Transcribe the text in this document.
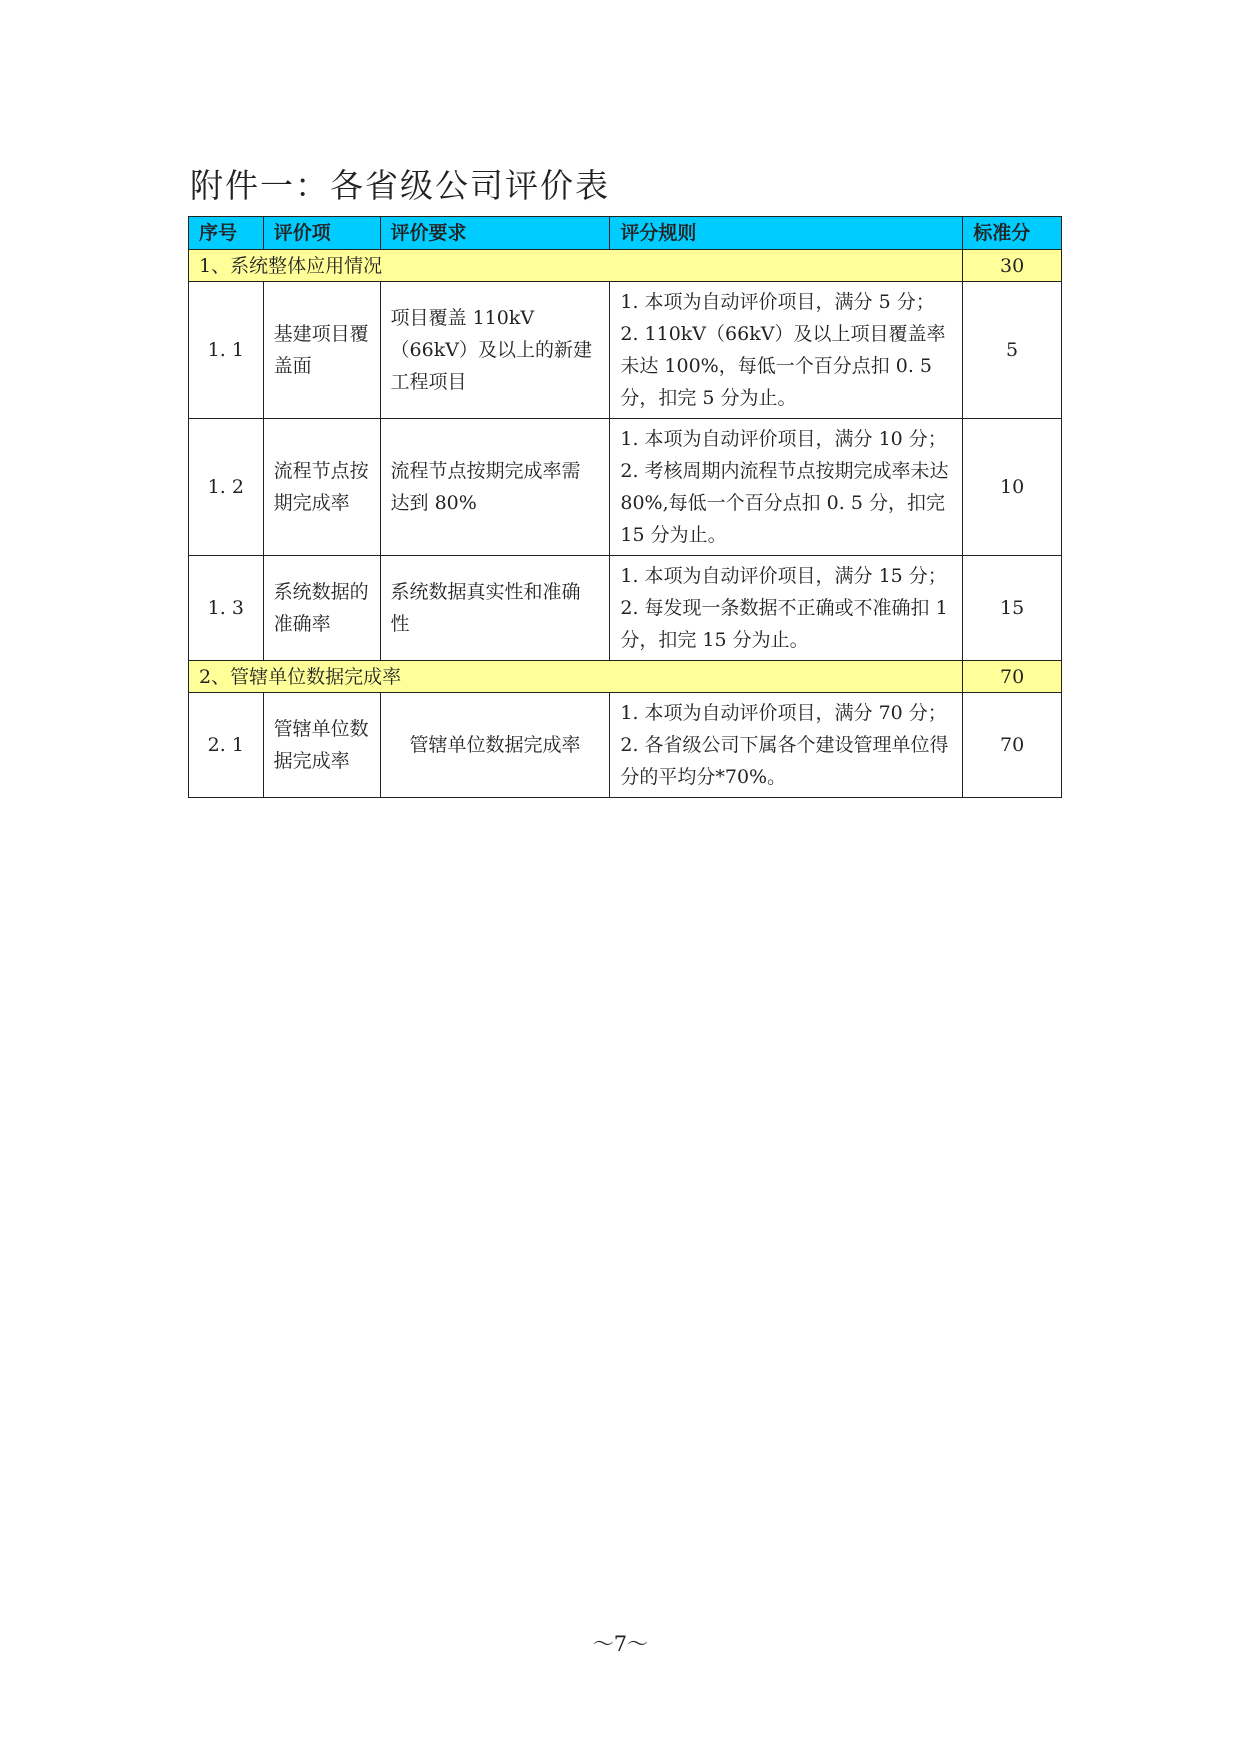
附件一：各省级公司评价表
序号	评价项	评价要求	评分规则	标准分
1、系统整体应用情况				30
1. 1	基建项目覆盖面	项目覆盖 110kV（66kV）及以上的新建工程项目	1. 本项为自动评价项目，满分 5 分；
2. 110kV（66kV）及以上项目覆盖率未达 100%，每低一个百分点扣 0. 5 分，扣完 5 分为止。	5
1. 2	流程节点按期完成率	流程节点按期完成率需达到 80%	1. 本项为自动评价项目，满分 10 分；
2. 考核周期内流程节点按期完成率未达 80%,每低一个百分点扣 0. 5 分，扣完 15 分为止。	10
1. 3	系统数据的准确率	系统数据真实性和准确性	1. 本项为自动评价项目，满分 15 分；
2. 每发现一条数据不正确或不准确扣 1 分，扣完 15 分为止。	15
2、管辖单位数据完成率				70
2. 1	管辖单位数据完成率	管辖单位数据完成率	1. 本项为自动评价项目，满分 70 分；
2. 各省级公司下属各个建设管理单位得分的平均分*70%。	70
～7～
